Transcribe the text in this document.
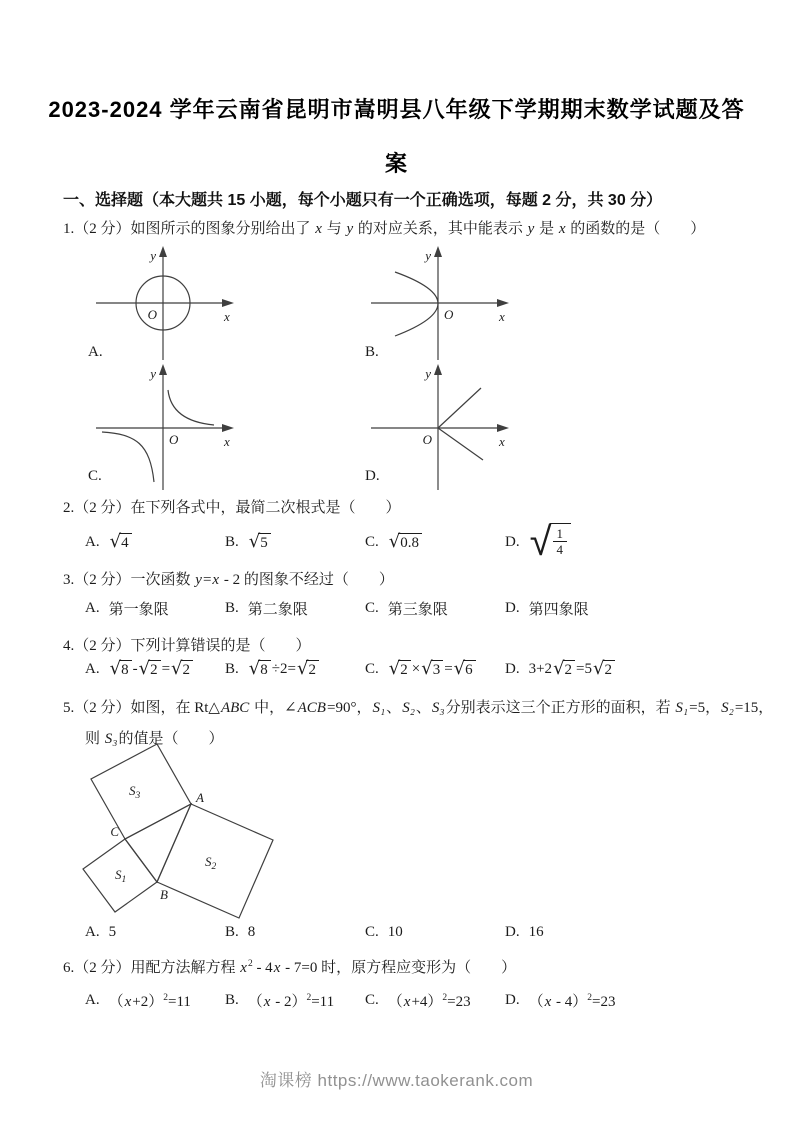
2023-2024 学年云南省昆明市嵩明县八年级下学期期末数学试题及答
案
一、选择题（本大题共 15 小题，每个小题只有一个正确选项，每题 2 分，共 30 分）
1.（2 分）如图所示的图象分别给出了 x 与 y 的对应关系，其中能表示 y 是 x 的函数的是（　　）
y
x
O
A.
y
x
O
B.
y
x
O
C.
y
x
O
D.
2.（2 分）在下列各式中，最简二次根式是（　　）
A. √ 4	B. √ 5	C. √ 0.8	D. √ $\frac{1}{4}$
3.（2 分）一次函数 y=x - 2 的图象不经过（　　）
A. 第一象限	B. 第二象限	C. 第三象限	D. 第四象限
4.（2 分）下列计算错误的是（　　）
A. √ 8 - √ 2 = √ 2 B. √ 8 ÷2= √ 2	C. √ 2 × √ 3 = √ 6 D. 3+2 √ 2 =5 √ 2
5.（2 分）如图，在 Rt△ABC 中，∠ACB=90°，S₁、S₂、S₃分别表示这三个正方形的面积，若 S₁=5，S₂=15，
则 S₃的值是（　　）
A
C
B
$S_3$
$S_2$
$S_1$
A. 5	B. 8	C. 10	D. 16
6.（2 分）用配方法解方程 $x^2 - 4x - 7=0$ 时，原方程应变形为（　　）
A. $(x+2)^2=11$ B. （x - 2）$^2$=11 C. $(x+4)^2=23$ D. （x - 4）$^2$=23
淘课榜 https://www.taokerank.com
